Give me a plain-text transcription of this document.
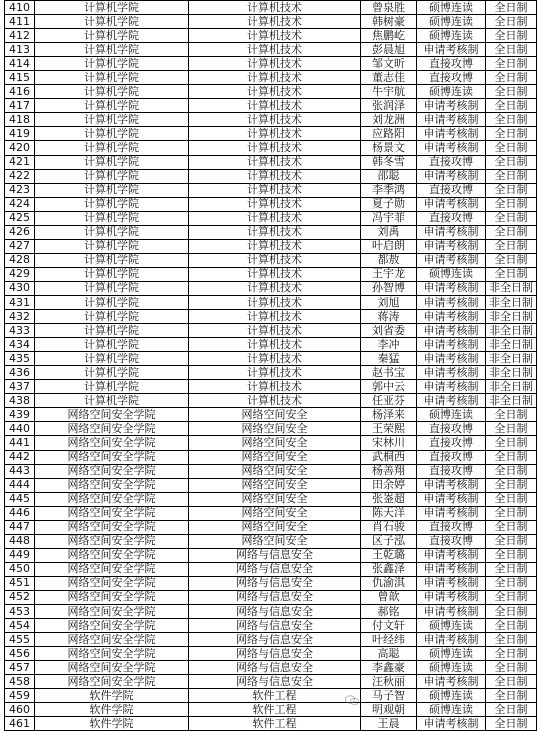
410	计算机学院	计算机技术	曾泉胜	硕博连读	全日制
411	计算机学院	计算机技术	韩树豪	硕博连读	全日制
412	计算机学院	计算机技术	焦鹏屹	硕博连读	全日制
413	计算机学院	计算机技术	彭晨旭	申请考核制	全日制
414	计算机学院	计算机技术	邹文昕	直接攻博	全日制
415	计算机学院	计算机技术	董志佳	直接攻博	全日制
416	计算机学院	计算机技术	牛宇航	硕博连读	全日制
417	计算机学院	计算机技术	张润泽	申请考核制	全日制
418	计算机学院	计算机技术	刘龙洲	申请考核制	全日制
419	计算机学院	计算机技术	应路阳	申请考核制	全日制
420	计算机学院	计算机技术	杨景文	申请考核制	全日制
421	计算机学院	计算机技术	韩冬雪	直接攻博	全日制
422	计算机学院	计算机技术	邵聪	申请考核制	全日制
423	计算机学院	计算机技术	李季鸿	直接攻博	全日制
424	计算机学院	计算机技术	夏子勋	申请考核制	全日制
425	计算机学院	计算机技术	冯宇菲	直接攻博	全日制
426	计算机学院	计算机技术	刘禹	申请考核制	全日制
427	计算机学院	计算机技术	叶启朗	申请考核制	全日制
428	计算机学院	计算机技术	都敖	申请考核制	全日制
429	计算机学院	计算机技术	王宇龙	硕博连读	全日制
430	计算机学院	计算机技术	孙智博	申请考核制	非全日制
431	计算机学院	计算机技术	刘旭	申请考核制	非全日制
432	计算机学院	计算机技术	蒋涛	申请考核制	非全日制
433	计算机学院	计算机技术	刘省委	申请考核制	非全日制
434	计算机学院	计算机技术	李冲	申请考核制	非全日制
435	计算机学院	计算机技术	秦猛	申请考核制	非全日制
436	计算机学院	计算机技术	赵书宝	申请考核制	非全日制
437	计算机学院	计算机技术	郭中云	申请考核制	非全日制
438	计算机学院	计算机技术	任亚芬	申请考核制	非全日制
439	网络空间安全学院	网络空间安全	杨泽来	硕博连读	全日制
440	网络空间安全学院	网络空间安全	王荣熙	直接攻博	全日制
441	网络空间安全学院	网络空间安全	宋林川	直接攻博	全日制
442	网络空间安全学院	网络空间安全	武桐西	直接攻博	全日制
443	网络空间安全学院	网络空间安全	杨善翔	直接攻博	全日制
444	网络空间安全学院	网络空间安全	田余婷	申请考核制	全日制
445	网络空间安全学院	网络空间安全	张崟超	申请考核制	全日制
446	网络空间安全学院	网络空间安全	陈天洋	申请考核制	全日制
447	网络空间安全学院	网络空间安全	肖石骏	直接攻博	全日制
448	网络空间安全学院	网络空间安全	区子泓	直接攻博	全日制
449	网络空间安全学院	网络与信息安全	王乾璐	申请考核制	全日制
450	网络空间安全学院	网络与信息安全	张鑫泽	申请考核制	全日制
451	网络空间安全学院	网络与信息安全	仇渝淇	申请考核制	全日制
452	网络空间安全学院	网络与信息安全	曾歆	申请考核制	全日制
453	网络空间安全学院	网络与信息安全	郝铭	申请考核制	全日制
454	网络空间安全学院	网络与信息安全	付文轩	硕博连读	全日制
455	网络空间安全学院	网络与信息安全	叶经纬	申请考核制	全日制
456	网络空间安全学院	网络与信息安全	高聪	硕博连读	全日制
457	网络空间安全学院	网络与信息安全	李鑫豪	硕博连读	全日制
458	网络空间安全学院	网络与信息安全	汪秋丽	申请考核制	全日制
459	软件学院	软件工程	马子智	硕博连读	全日制
460	软件学院	软件工程	明观朝	硕博连读	全日制
461	软件学院	软件工程	王晨	申请考核制	全日制
